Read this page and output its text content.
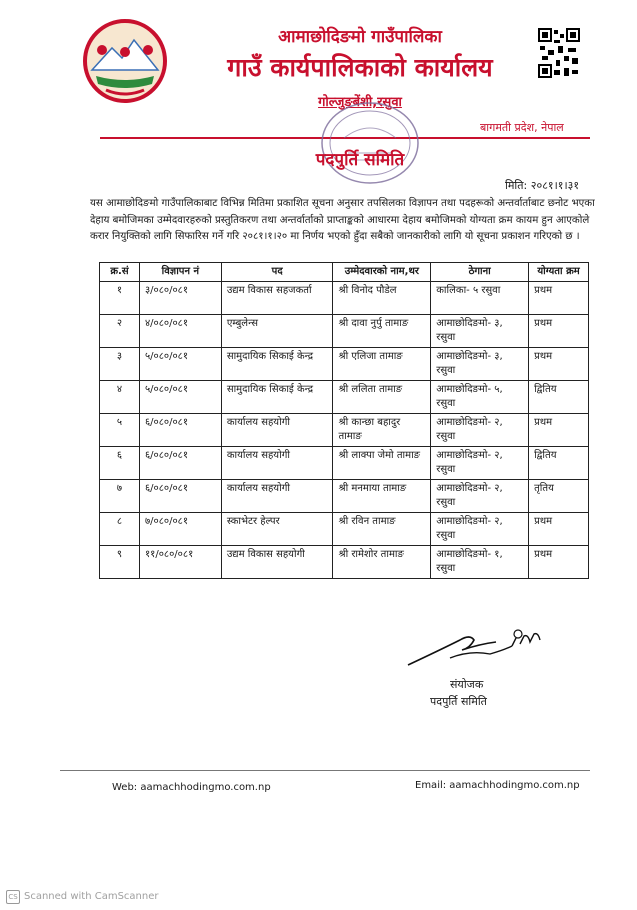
आमाछोदिङमो गाउँपालिका
गाउँ कार्यपालिकाको कार्यालय
गोल्जुङबेंशी,रसुवा
बागमती प्रदेश, नेपाल
पदपुर्ति समिति
मिति: २०८१।१।३१
यस आमाछोदिङमो गाउँपालिकाबाट विभिन्न मितिमा प्रकाशित सूचना अनुसार तपसिलका विज्ञापन तथा पदहरूको अन्तर्वार्ताबाट छनोट भएका देहाय बमोजिमका उम्मेदवारहरुको प्रस्तुतिकरण तथा अन्तर्वार्ताको प्राप्ताङ्कको आधारमा देहाय बमोजिमको योग्यता क्रम कायम हुन आएकोले करार नियुक्तिको लागि सिफारिस गर्ने गरि २०८१।१।२० मा निर्णय भएको हुँदा सबैको जानकारीको लागि यो सूचना प्रकाशन गरिएको छ ।
क्र.सं	विज्ञापन नं	पद	उम्मेदवारको नाम,थर	ठेगाना	योग्यता क्रम
१	३/०८०/०८१	उद्यम विकास सहजकर्ता	श्री विनोद पौडेल	कालिका- ५ रसुवा	प्रथम
२	४/०८०/०८१	एम्बुलेन्स	श्री दावा नुर्पु तामाङ	आमाछोदिङमो- ३, रसुवा	प्रथम
३	५/०८०/०८१	सामुदायिक सिकाई केन्द्र	श्री एलिजा तामाङ	आमाछोदिङमो- ३, रसुवा	प्रथम
४	५/०८०/०८१	सामुदायिक सिकाई केन्द्र	श्री ललिता तामाङ	आमाछोदिङमो- ५, रसुवा	द्वितिय
५	६/०८०/०८१	कार्यालय सहयोगी	श्री कान्छा बहादुर तामाङ	आमाछोदिङमो- २, रसुवा	प्रथम
६	६/०८०/०८१	कार्यालय सहयोगी	श्री लाक्पा जेमो तामाङ	आमाछोदिङमो- २, रसुवा	द्वितिय
७	६/०८०/०८१	कार्यालय सहयोगी	श्री मनमाया तामाङ	आमाछोदिङमो- २, रसुवा	तृतिय
८	७/०८०/०८१	स्काभेटर हेल्पर	श्री रविन तामाङ	आमाछोदिङमो- २, रसुवा	प्रथम
९	११/०८०/०८१	उद्यम विकास सहयोगी	श्री रामेशोर तामाङ	आमाछोदिङमो- १, रसुवा	प्रथम
संयोजक
पदपुर्ति समिति
Web: aamachhodingmo.com.np	Email: aamachhodingmo.com.np
CS Scanned with CamScanner
